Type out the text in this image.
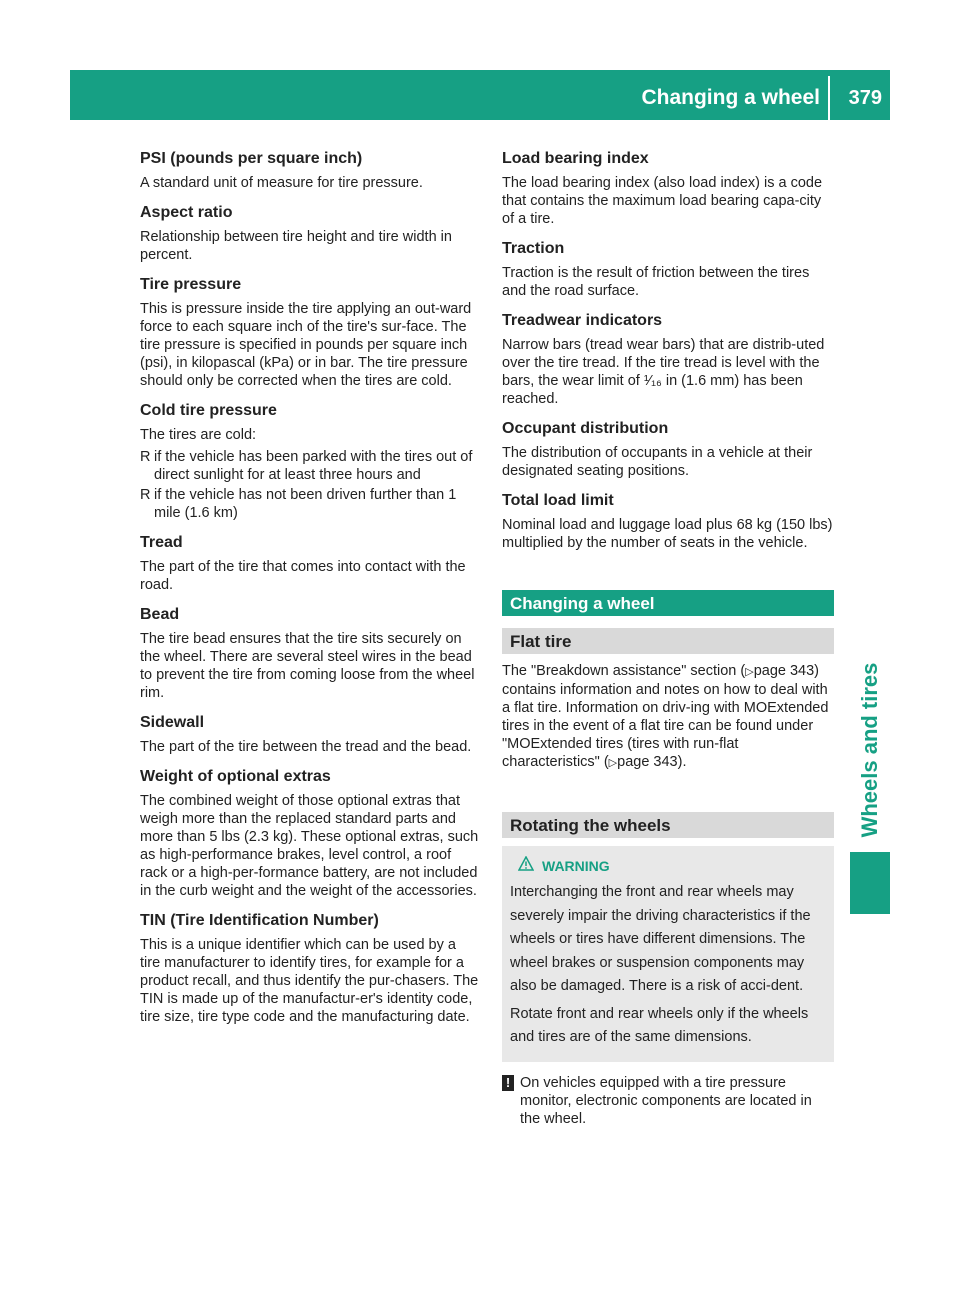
Changing a wheel 379
Wheels and tires
PSI (pounds per square inch)

A standard unit of measure for tire pressure.

Aspect ratio

Relationship between tire height and tire width in percent.

Tire pressure

This is pressure inside the tire applying an out-ward force to each square inch of the tire's sur-face. The tire pressure is specified in pounds per square inch (psi), in kilopascal (kPa) or in bar. The tire pressure should only be corrected when the tires are cold.

Cold tire pressure

The tires are cold:

R if the vehicle has been parked with the tires out of direct sunlight for at least three hours and
R if the vehicle has not been driven further than 1 mile (1.6 km)
Tread

The part of the tire that comes into contact with the road.

Bead

The tire bead ensures that the tire sits securely on the wheel. There are several steel wires in the bead to prevent the tire from coming loose from the wheel rim.

Sidewall

The part of the tire between the tread and the bead.

Weight of optional extras

The combined weight of those optional extras that weigh more than the replaced standard parts and more than 5 lbs (2.3 kg). These optional extras, such as high-performance brakes, level control, a roof rack or a high-per-formance battery, are not included in the curb weight and the weight of the accessories.

TIN (Tire Identification Number)

This is a unique identifier which can be used by a tire manufacturer to identify tires, for example for a product recall, and thus identify the pur-chasers. The TIN is made up of the manufactur-er's identity code, tire size, tire type code and the manufacturing date.

Load bearing index

The load bearing index (also load index) is a code that contains the maximum load bearing capa-city of a tire.

Traction

Traction is the result of friction between the tires and the road surface.

Treadwear indicators

Narrow bars (tread wear bars) that are distrib-uted over the tire tread. If the tire tread is level with the bars, the wear limit of ¹⁄₁₆ in (1.6 mm) has been reached.

Occupant distribution

The distribution of occupants in a vehicle at their designated seating positions.

Total load limit

Nominal load and luggage load plus 68 kg (150 lbs) multiplied by the number of seats in the vehicle.

Changing a wheel
Flat tire

The "Breakdown assistance" section (▷page 343) contains information and notes on how to deal with a flat tire. Information on driv-ing with MOExtended tires in the event of a flat tire can be found under "MOExtended tires (tires with run-flat characteristics" (▷page 343).

Rotating the wheels
WARNING

Interchanging the front and rear wheels may severely impair the driving characteristics if the wheels or tires have different dimensions. The wheel brakes or suspension components may also be damaged. There is a risk of acci-dent.

Rotate front and rear wheels only if the wheels and tires are of the same dimensions.

! On vehicles equipped with a tire pressure monitor, electronic components are located in the wheel.
